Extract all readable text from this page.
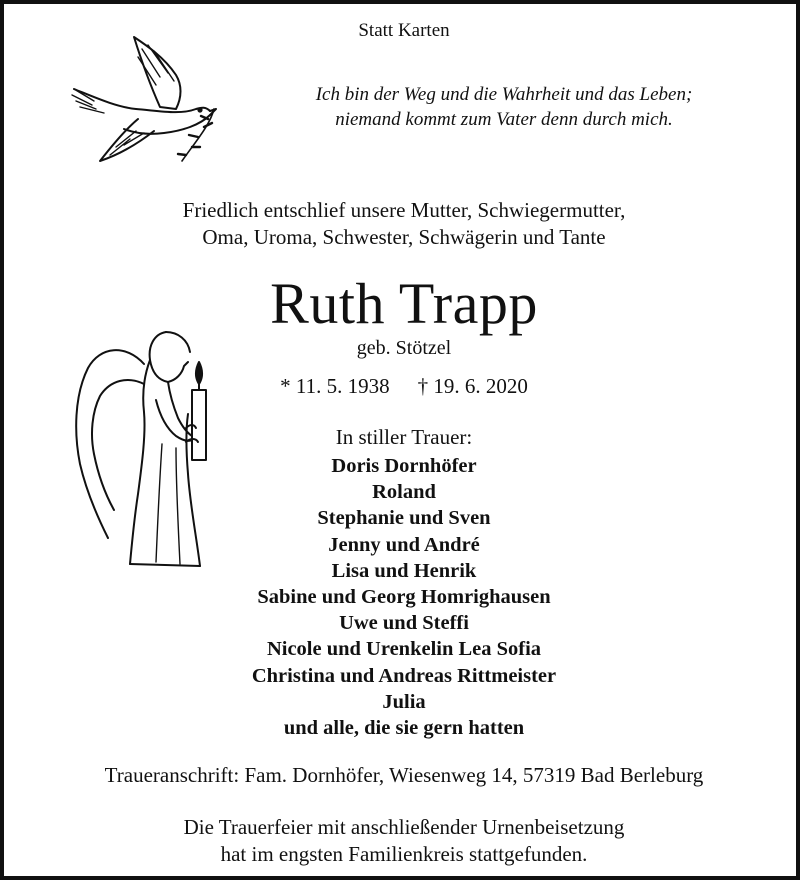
Statt Karten
Ich bin der Weg und die Wahrheit und das Leben;
niemand kommt zum Vater denn durch mich.
Friedlich entschlief unsere Mutter, Schwiegermutter,
Oma, Uroma, Schwester, Schwägerin und Tante
Ruth Trapp
geb. Stötzel
* 11. 5. 1938 † 19. 6. 2020
In stiller Trauer:
Doris Dornhöfer
Roland
Stephanie und Sven
Jenny und André
Lisa und Henrik
Sabine und Georg Homrighausen
Uwe und Steffi
Nicole und Urenkelin Lea Sofia
Christina und Andreas Rittmeister
Julia
und alle, die sie gern hatten
Traueranschrift: Fam. Dornhöfer, Wiesenweg 14, 57319 Bad Berleburg
Die Trauerfeier mit anschließender Urnenbeisetzung
hat im engsten Familienkreis stattgefunden.
